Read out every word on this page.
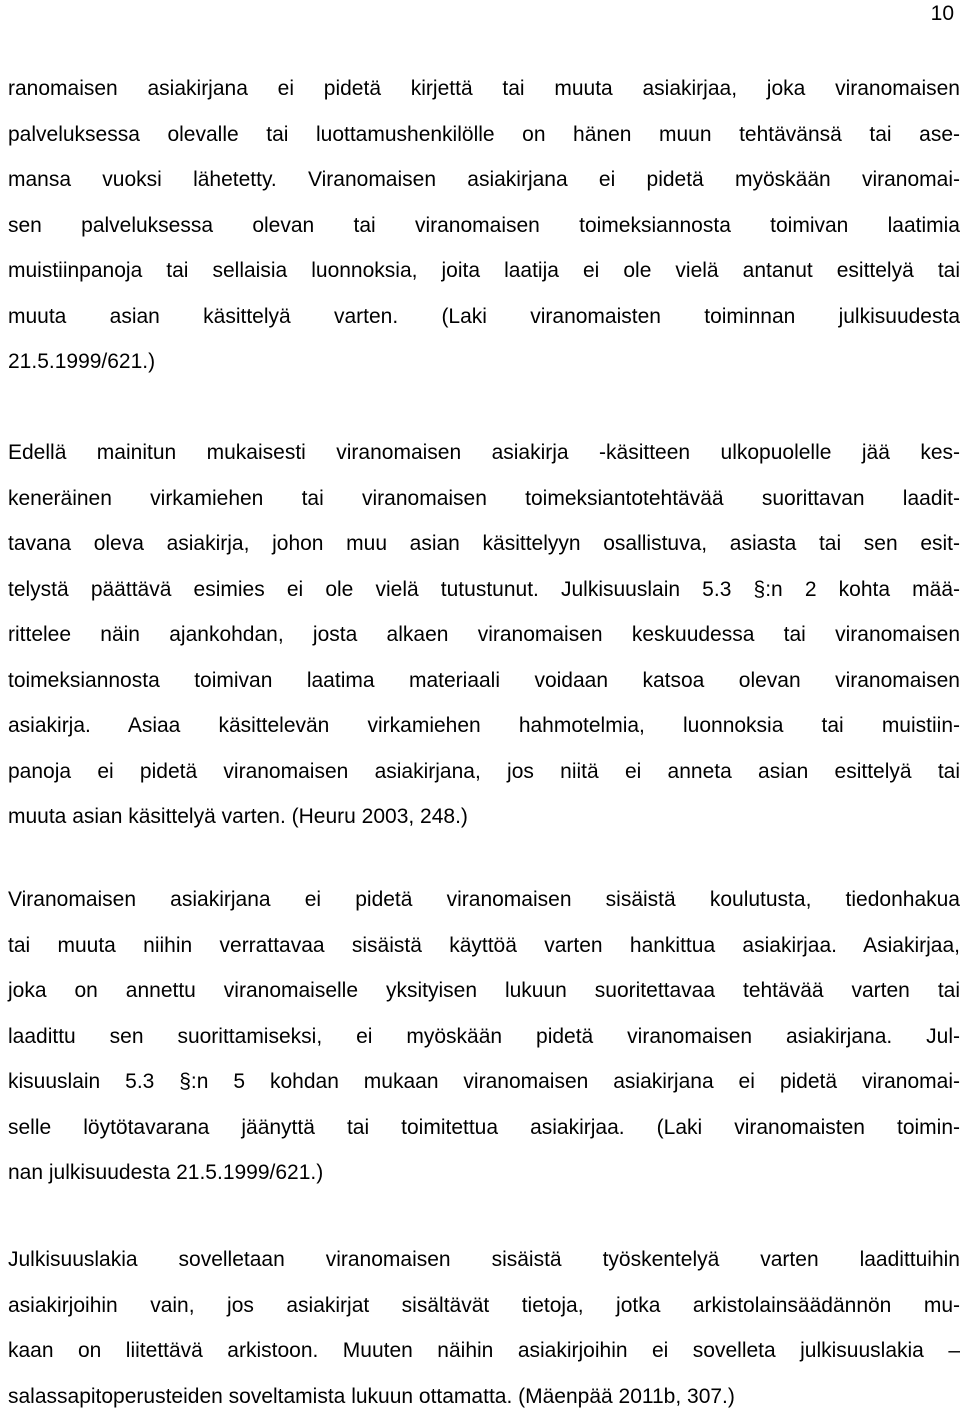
10
ranomaisen asiakirjana ei pidetä kirjettä tai muuta asiakirjaa, joka viranomaisen
palveluksessa olevalle tai luottamushenkilölle on hänen muun tehtävänsä tai ase-
mansa vuoksi lähetetty. Viranomaisen asiakirjana ei pidetä myöskään viranomai-
sen palveluksessa olevan tai viranomaisen toimeksiannosta toimivan laatimia
muistiinpanoja tai sellaisia luonnoksia, joita laatija ei ole vielä antanut esittelyä tai
muuta asian käsittelyä varten. (Laki viranomaisten toiminnan julkisuudesta
21.5.1999/621.)
Edellä mainitun mukaisesti viranomaisen asiakirja -käsitteen ulkopuolelle jää kes-
keneräinen virkamiehen tai viranomaisen toimeksiantotehtävää suorittavan laadit-
tavana oleva asiakirja, johon muu asian käsittelyyn osallistuva, asiasta tai sen esit-
telystä päättävä esimies ei ole vielä tutustunut. Julkisuuslain 5.3 §:n 2 kohta mää-
rittelee näin ajankohdan, josta alkaen viranomaisen keskuudessa tai viranomaisen
toimeksiannosta toimivan laatima materiaali voidaan katsoa olevan viranomaisen
asiakirja. Asiaa käsittelevän virkamiehen hahmotelmia, luonnoksia tai muistiin-
panoja ei pidetä viranomaisen asiakirjana, jos niitä ei anneta asian esittelyä tai
muuta asian käsittelyä varten. (Heuru 2003, 248.)
Viranomaisen asiakirjana ei pidetä viranomaisen sisäistä koulutusta, tiedonhakua
tai muuta niihin verrattavaa sisäistä käyttöä varten hankittua asiakirjaa. Asiakirjaa,
joka on annettu viranomaiselle yksityisen lukuun suoritettavaa tehtävää varten tai
laadittu sen suorittamiseksi, ei myöskään pidetä viranomaisen asiakirjana. Jul-
kisuuslain 5.3 §:n 5 kohdan mukaan viranomaisen asiakirjana ei pidetä viranomai-
selle löytötavarana jäänyttä tai toimitettua asiakirjaa. (Laki viranomaisten toimin-
nan julkisuudesta 21.5.1999/621.)
Julkisuuslakia sovelletaan viranomaisen sisäistä työskentelyä varten laadittuihin
asiakirjoihin vain, jos asiakirjat sisältävät tietoja, jotka arkistolainsäädännön mu-
kaan on liitettävä arkistoon. Muuten näihin asiakirjoihin ei sovelleta julkisuuslakia –
salassapitoperusteiden soveltamista lukuun ottamatta. (Mäenpää 2011b, 307.)
